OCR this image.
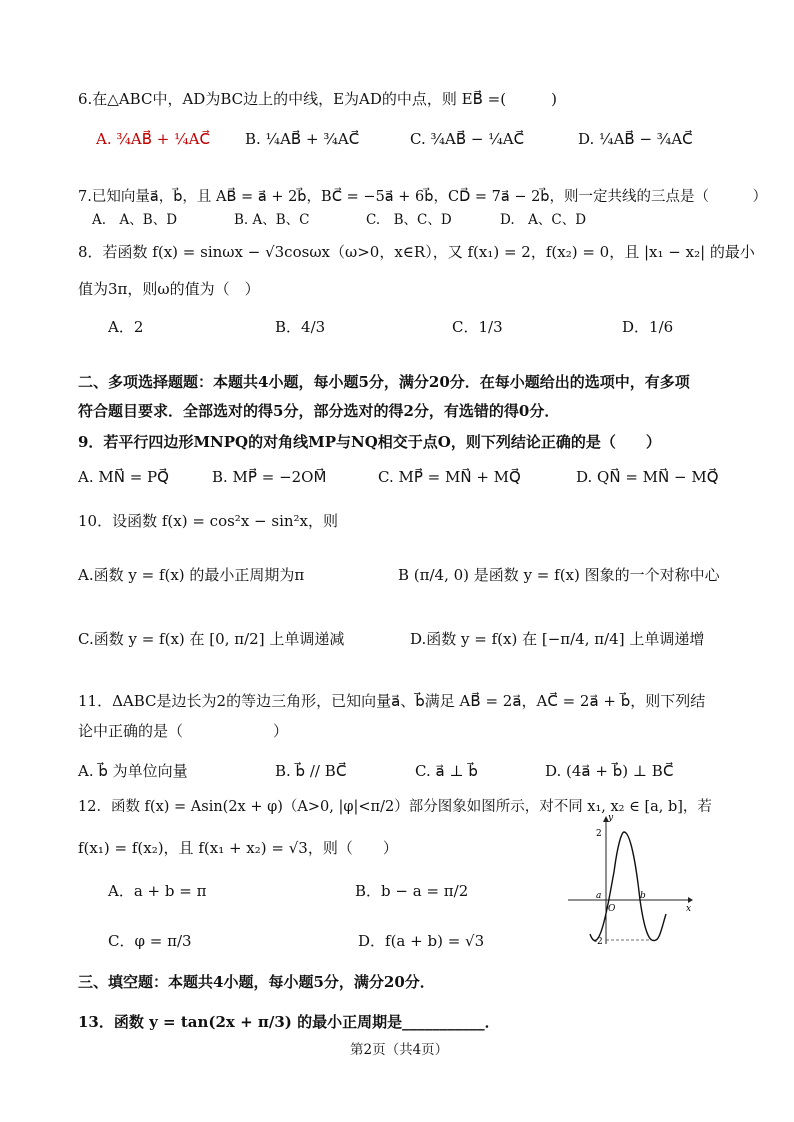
6.在△ABC中，AD为BC边上的中线，E为AD的中点，则 EB⃗ =(　　　)
A. ¾AB⃗ + ¼AC⃗ B. ¼AB⃗ + ¾AC⃗	C. ¾AB⃗ − ¼AC⃗	D. ¼AB⃗ − ¾AC⃗
7.已知向量a⃗，b⃗，且 AB⃗ = a⃗ + 2b⃗，BC⃗ = −5a⃗ + 6b⃗，CD⃗ = 7a⃗ − 2b⃗，则一定共线的三点是（　　　）
A.　A、B、D	B. A、B、C	C.　B、C、D	D.　A、C、D
8．若函数 f(x) = sinωx − √3cosωx（ω>0，x∈R），又 f(x₁) = 2，f(x₂) = 0，且 |x₁ − x₂| 的最小
值为3π，则ω的值为（　）
A．2	B．4/3	C．1/3	D．1/6
二、多项选择题题：本题共4小题，每小题5分，满分20分．在每小题给出的选项中，有多项
符合题目要求．全部选对的得5分，部分选对的得2分，有选错的得0分．
9．若平行四边形MNPQ的对角线MP与NQ相交于点O，则下列结论正确的是（　　）
A. MN⃗ = PQ⃗	B. MP⃗ = −2OM⃗	C. MP⃗ = MN⃗ + MQ⃗	D. QN⃗ = MN⃗ − MQ⃗
10．设函数 f(x) = cos²x − sin²x，则
A.函数 y = f(x) 的最小正周期为π	B (π/4, 0) 是函数 y = f(x) 图象的一个对称中心
C.函数 y = f(x) 在 [0, π/2] 上单调递减	D.函数 y = f(x) 在 [−π/4, π/4] 上单调递增
11．ΔABC是边长为2的等边三角形，已知向量a⃗、b⃗满足 AB⃗ = 2a⃗，AC⃗ = 2a⃗ + b⃗，则下列结
论中正确的是（　　　　　　）
A. b⃗ 为单位向量	B. b⃗ // BC⃗	C. a⃗ ⊥ b⃗	D. (4a⃗ + b⃗) ⊥ BC⃗
12．函数 f(x) = Asin(2x + φ)（A>0, |φ|<π/2）部分图象如图所示，对不同 x₁, x₂ ∈ [a, b]，若
f(x₁) = f(x₂)，且 f(x₁ + x₂) = √3，则（　　）
A．a + b = π	B．b − a = π/2
C．φ = π/3	D．f(a + b) = √3
y
x
2
-2
a
O
b
三、填空题：本题共4小题，每小题5分，满分20分．
13．函数 y = tan(2x + π/3) 的最小正周期是___________．
第2页（共4页）
